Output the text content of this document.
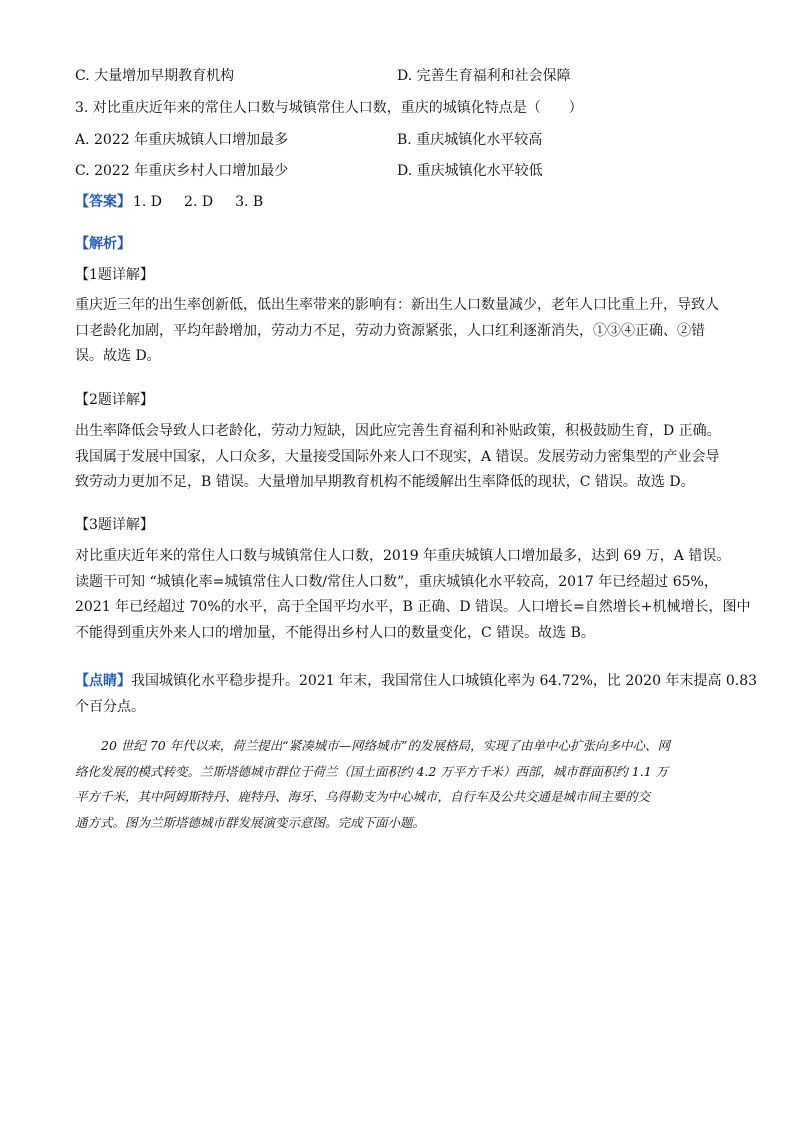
C. 大量增加早期教育机构	D. 完善生育福利和社会保障
3. 对比重庆近年来的常住人口数与城镇常住人口数，重庆的城镇化特点是（　　）
A. 2022 年重庆城镇人口增加最多	B. 重庆城镇化水平较高
C. 2022 年重庆乡村人口增加最少	D. 重庆城镇化水平较低
【答案】 1. D 2. D 3. B
【解析】
【1题详解】
重庆近三年的出生率创新低，低出生率带来的影响有：新出生人口数量减少，老年人口比重上升，导致人
口老龄化加剧，平均年龄增加，劳动力不足，劳动力资源紧张，人口红利逐渐消失，①③④正确、②错
误。故选 D。
【2题详解】
出生率降低会导致人口老龄化，劳动力短缺，因此应完善生育福利和补贴政策，积极鼓励生育，D 正确。
我国属于发展中国家，人口众多，大量接受国际外来人口不现实，A 错误。发展劳动力密集型的产业会导
致劳动力更加不足，B 错误。大量增加早期教育机构不能缓解出生率降低的现状，C 错误。故选 D。
【3题详解】
对比重庆近年来的常住人口数与城镇常住人口数，2019 年重庆城镇人口增加最多，达到 69 万，A 错误。
读题干可知 “城镇化率=城镇常住人口数/常住人口数”，重庆城镇化水平较高，2017 年已经超过 65%，
2021 年已经超过 70%的水平，高于全国平均水平，B 正确、D 错误。人口增长=自然增长+机械增长，图中
不能得到重庆外来人口的增加量，不能得出乡村人口的数量变化，C 错误。故选 B。
【点睛】我国城镇化水平稳步提升。2021 年末，我国常住人口城镇化率为 64.72%，比 2020 年末提高 0.83
个百分点。
20 世纪 70 年代以来，荷兰提出“紧凑城市—网络城市”的发展格局，实现了由单中心扩张向多中心、网
络化发展的模式转变。兰斯塔德城市群位于荷兰（国土面积约 4.2 万平方千米）西部，城市群面积约 1.1 万
平方千米，其中阿姆斯特丹、鹿特丹、海牙、乌得勒支为中心城市，自行车及公共交通是城市间主要的交
通方式。图为兰斯塔德城市群发展演变示意图。完成下面小题。
